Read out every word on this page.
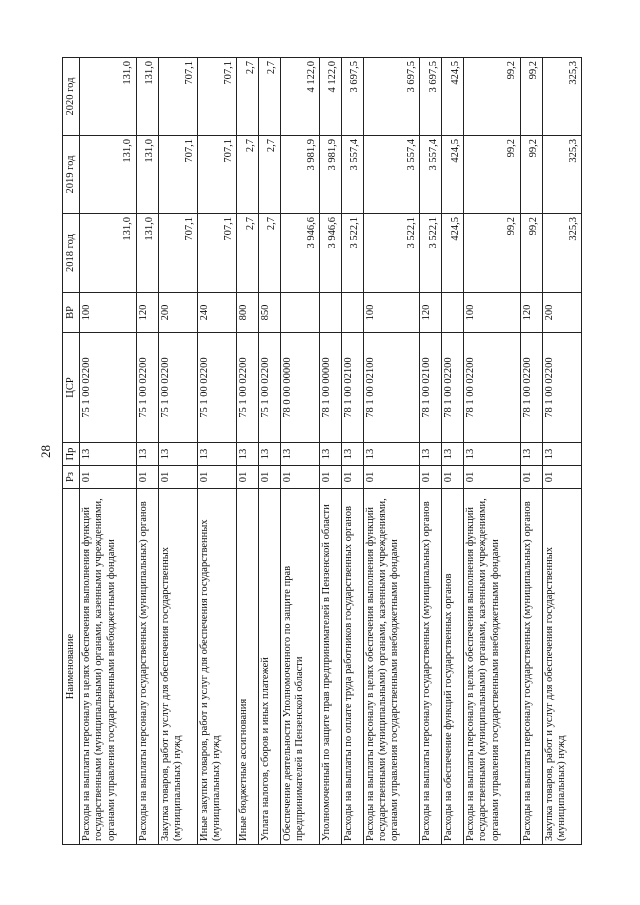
28
Наименование	Рз	Пр	ЦСР	ВР	2018 год	2019 год	2020 год
Расходы на выплаты персоналу в целях обеспечения выполнения функций государственными (муниципальными) органами, казенными учреждениями, органами управления государственными внебюджетными фондами	01	13	75 1 00 02200	100	131,0	131,0	131,0
Расходы на выплаты персоналу государственных (муниципальных) органов	01	13	75 1 00 02200	120	131,0	131,0	131,0
Закупка товаров, работ и услуг для обеспечения государственных (муниципальных) нужд	01	13	75 1 00 02200	200	707,1	707,1	707,1
Иные закупки товаров, работ и услуг для обеспечения государственных (муниципальных) нужд	01	13	75 1 00 02200	240	707,1	707,1	707,1
Иные бюджетные ассигнования	01	13	75 1 00 02200	800	2,7	2,7	2,7
Уплата налогов, сборов и иных платежей	01	13	75 1 00 02200	850	2,7	2,7	2,7
Обеспечение деятельности Уполномоченного по защите прав предпринимателей в Пензенской области	01	13	78 0 00 00000		3 946,6	3 981,9	4 122,0
Уполномоченный по защите прав предпринимателей в Пензенской области	01	13	78 1 00 00000		3 946,6	3 981,9	4 122,0
Расходы на выплаты по оплате труда работников государственных органов	01	13	78 1 00 02100		3 522,1	3 557,4	3 697,5
Расходы на выплаты персоналу в целях обеспечения выполнения функций государственными (муниципальными) органами, казенными учреждениями, органами управления государственными внебюджетными фондами	01	13	78 1 00 02100	100	3 522,1	3 557,4	3 697,5
Расходы на выплаты персоналу государственных (муниципальных) органов	01	13	78 1 00 02100	120	3 522,1	3 557,4	3 697,5
Расходы на обеспечение функций государственных органов	01	13	78 1 00 02200		424,5	424,5	424,5
Расходы на выплаты персоналу в целях обеспечения выполнения функций государственными (муниципальными) органами, казенными учреждениями, органами управления государственными внебюджетными фондами	01	13	78 1 00 02200	100	99,2	99,2	99,2
Расходы на выплаты персоналу государственных (муниципальных) органов	01	13	78 1 00 02200	120	99,2	99,2	99,2
Закупка товаров, работ и услуг для обеспечения государственных (муниципальных) нужд	01	13	78 1 00 02200	200	325,3	325,3	325,3
